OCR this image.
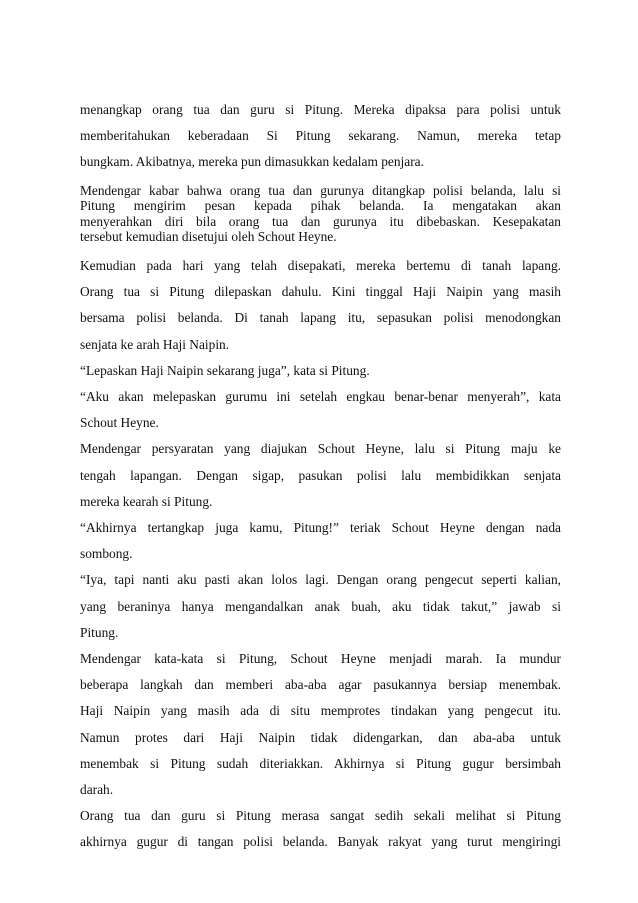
menangkap orang tua dan guru si Pitung. Mereka dipaksa para polisi untuk
memberitahukan keberadaan Si Pitung sekarang. Namun, mereka tetap
bungkam. Akibatnya, mereka pun dimasukkan kedalam penjara.

Mendengar kabar bahwa orang tua dan gurunya ditangkap polisi belanda, lalu si
Pitung mengirim pesan kepada pihak belanda. Ia mengatakan akan
menyerahkan diri bila orang tua dan gurunya itu dibebaskan. Kesepakatan
tersebut kemudian disetujui oleh Schout Heyne.

Kemudian pada hari yang telah disepakati, mereka bertemu di tanah lapang.
Orang tua si Pitung dilepaskan dahulu. Kini tinggal Haji Naipin yang masih
bersama polisi belanda. Di tanah lapang itu, sepasukan polisi menodongkan
senjata ke arah Haji Naipin.

“Lepaskan Haji Naipin sekarang juga”, kata si Pitung.

“Aku akan melepaskan gurumu ini setelah engkau benar-benar menyerah”, kata
Schout Heyne.

Mendengar persyaratan yang diajukan Schout Heyne, lalu si Pitung maju ke
tengah lapangan. Dengan sigap, pasukan polisi lalu membidikkan senjata
mereka kearah si Pitung.

“Akhirnya tertangkap juga kamu, Pitung!” teriak Schout Heyne dengan nada
sombong.

“Iya, tapi nanti aku pasti akan lolos lagi. Dengan orang pengecut seperti kalian,
yang beraninya hanya mengandalkan anak buah, aku tidak takut,” jawab si
Pitung.

Mendengar kata-kata si Pitung, Schout Heyne menjadi marah. Ia mundur
beberapa langkah dan memberi aba-aba agar pasukannya bersiap menembak.
Haji Naipin yang masih ada di situ memprotes tindakan yang pengecut itu.
Namun protes dari Haji Naipin tidak didengarkan, dan aba-aba untuk
menembak si Pitung sudah diteriakkan. Akhirnya si Pitung gugur bersimbah
darah.

Orang tua dan guru si Pitung merasa sangat sedih sekali melihat si Pitung
akhirnya gugur di tangan polisi belanda. Banyak rakyat yang turut mengiringi
